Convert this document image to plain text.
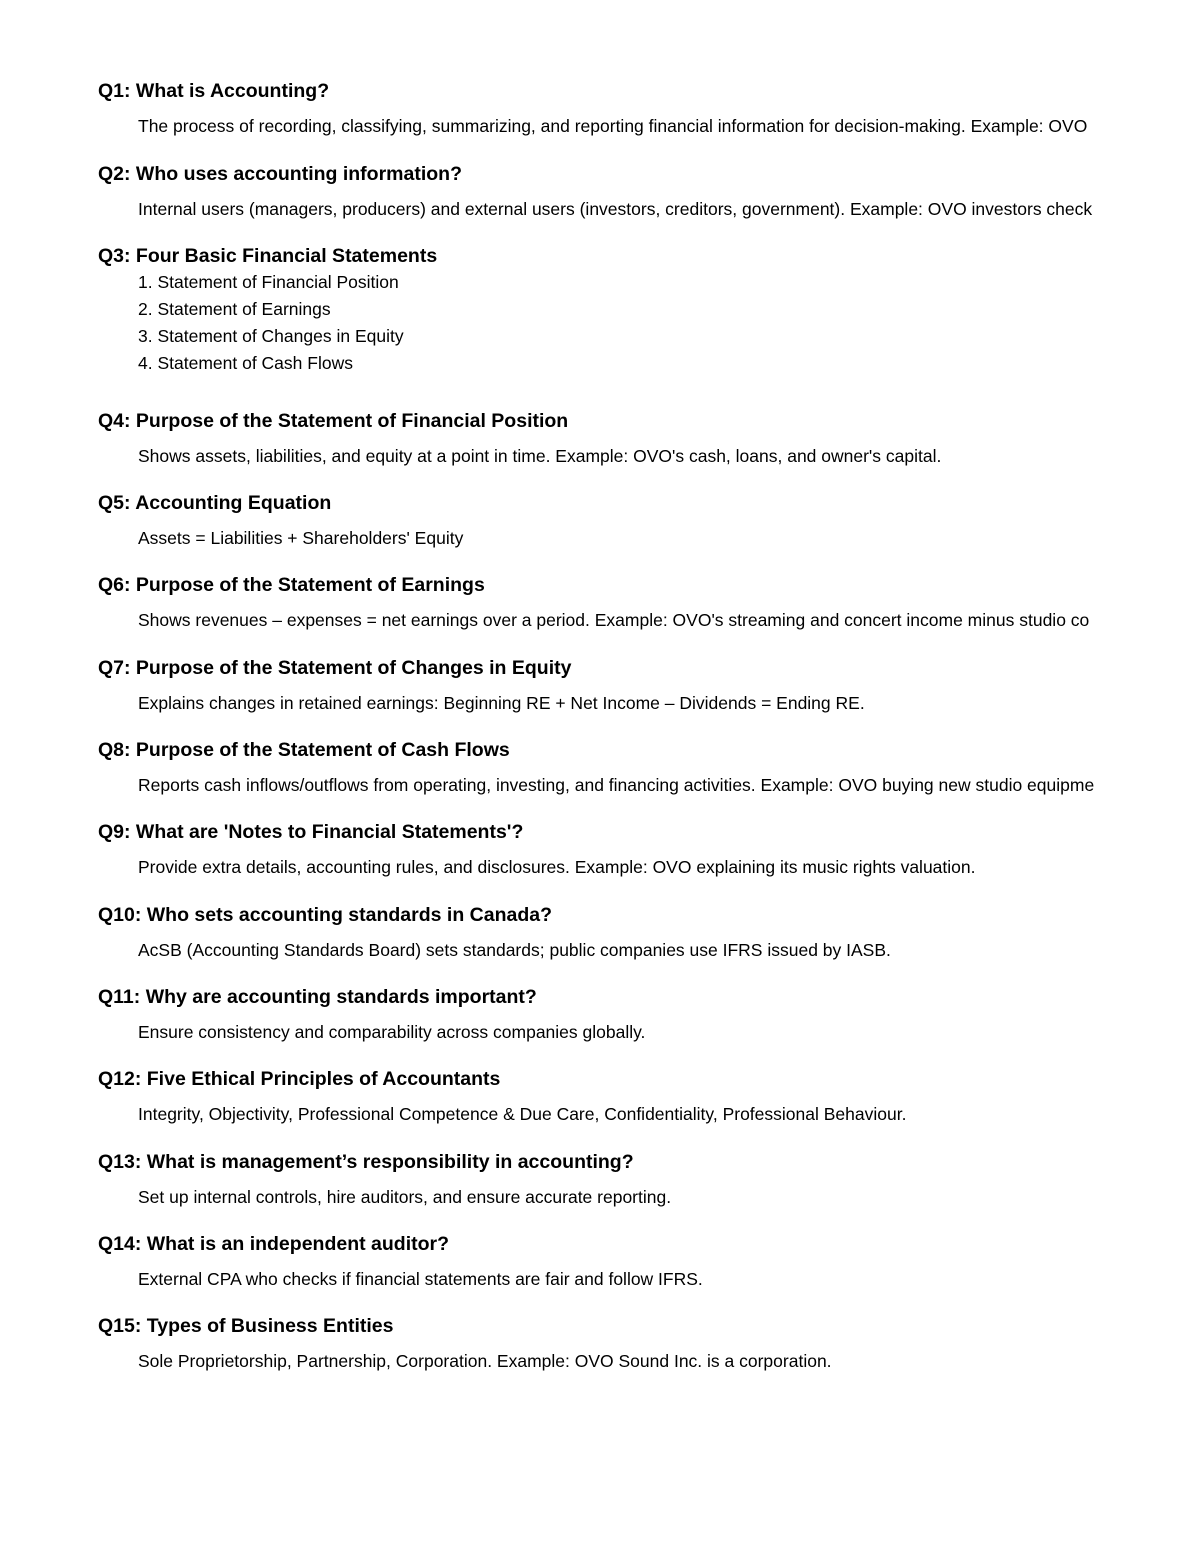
Q1: What is Accounting?
The process of recording, classifying, summarizing, and reporting financial information for decision-making. Example: OVO
Q2: Who uses accounting information?
Internal users (managers, producers) and external users (investors, creditors, government). Example: OVO investors check
Q3: Four Basic Financial Statements
1. Statement of Financial Position
2. Statement of Earnings
3. Statement of Changes in Equity
4. Statement of Cash Flows
Q4: Purpose of the Statement of Financial Position
Shows assets, liabilities, and equity at a point in time. Example: OVO's cash, loans, and owner's capital.
Q5: Accounting Equation
Assets = Liabilities + Shareholders' Equity
Q6: Purpose of the Statement of Earnings
Shows revenues – expenses = net earnings over a period. Example: OVO's streaming and concert income minus studio co
Q7: Purpose of the Statement of Changes in Equity
Explains changes in retained earnings: Beginning RE + Net Income – Dividends = Ending RE.
Q8: Purpose of the Statement of Cash Flows
Reports cash inflows/outflows from operating, investing, and financing activities. Example: OVO buying new studio equipme
Q9: What are 'Notes to Financial Statements'?
Provide extra details, accounting rules, and disclosures. Example: OVO explaining its music rights valuation.
Q10: Who sets accounting standards in Canada?
AcSB (Accounting Standards Board) sets standards; public companies use IFRS issued by IASB.
Q11: Why are accounting standards important?
Ensure consistency and comparability across companies globally.
Q12: Five Ethical Principles of Accountants
Integrity, Objectivity, Professional Competence & Due Care, Confidentiality, Professional Behaviour.
Q13: What is management’s responsibility in accounting?
Set up internal controls, hire auditors, and ensure accurate reporting.
Q14: What is an independent auditor?
External CPA who checks if financial statements are fair and follow IFRS.
Q15: Types of Business Entities
Sole Proprietorship, Partnership, Corporation. Example: OVO Sound Inc. is a corporation.
